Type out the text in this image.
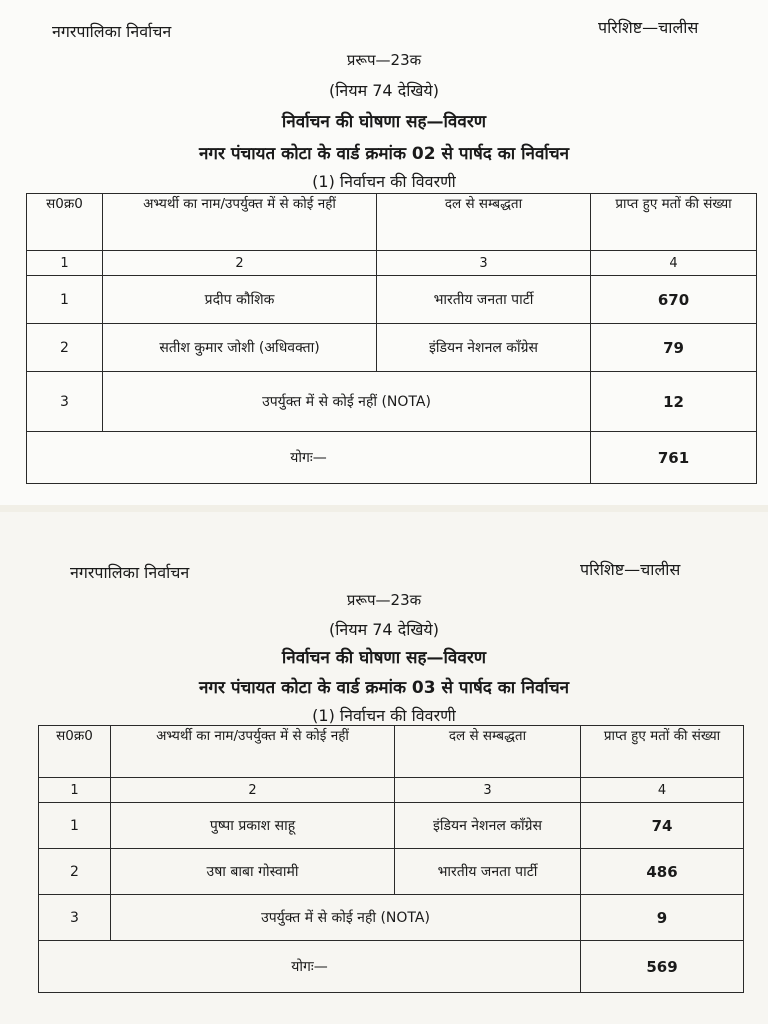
नगरपालिका निर्वाचन	परिशिष्ट—चालीस
प्ररूप—23क
(नियम 74 देखिये)
निर्वाचन की घोषणा सह—विवरण
नगर पंचायत कोटा के वार्ड क्रमांक 02 से पार्षद का निर्वाचन
(1) निर्वाचन की विवरणी
स0क्र0	अभ्यर्थी का नाम/उपर्युक्त में से कोई नहीं	दल से सम्बद्धता	प्राप्त हुए मतों की संख्या
1	2	3	4
1	प्रदीप कौशिक	भारतीय जनता पार्टी	670
2	सतीश कुमार जोशी (अधिवक्ता)	इंडियन नेशनल कॉंग्रेस	79
3	उपर्युक्त में से कोई नहीं (NOTA)		12
योगः—			761
नगरपालिका निर्वाचन	परिशिष्ट—चालीस
प्ररूप—23क
(नियम 74 देखिये)
निर्वाचन की घोषणा सह—विवरण
नगर पंचायत कोटा के वार्ड क्रमांक 03 से पार्षद का निर्वाचन
(1) निर्वाचन की विवरणी
स0क्र0	अभ्यर्थी का नाम/उपर्युक्त में से कोई नहीं	दल से सम्बद्धता	प्राप्त हुए मतों की संख्या
1	2	3	4
1	पुष्पा प्रकाश साहू	इंडियन नेशनल कॉंग्रेस	74
2	उषा बाबा गोस्वामी	भारतीय जनता पार्टी	486
3	उपर्युक्त में से कोई नही (NOTA)		9
योगः—			569
